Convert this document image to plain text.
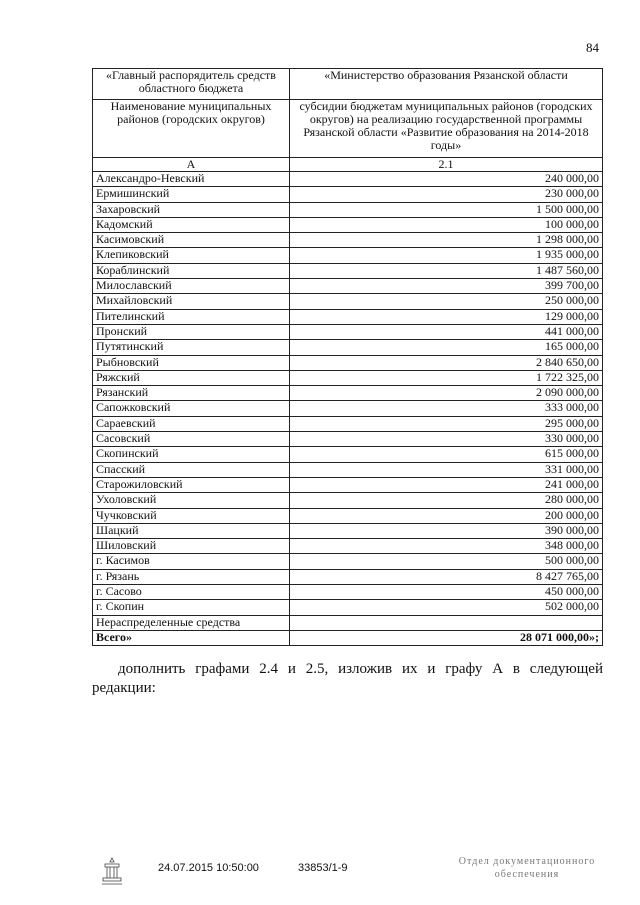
84
«Главный распорядитель средств областного бюджета	«Министерство образования Рязанской области
Наименование муниципальных районов (городских округов)	субсидии бюджетам муниципальных районов (городских округов) на реализацию государственной программы Рязанской области «Развитие образования на 2014-2018 годы»
А	2.1
Александро-Невский	240 000,00
Ермишинский	230 000,00
Захаровский	1 500 000,00
Кадомский	100 000,00
Касимовский	1 298 000,00
Клепиковский	1 935 000,00
Кораблинский	1 487 560,00
Милославский	399 700,00
Михайловский	250 000,00
Пителинский	129 000,00
Пронский	441 000,00
Путятинский	165 000,00
Рыбновский	2 840 650,00
Ряжский	1 722 325,00
Рязанский	2 090 000,00
Сапожковский	333 000,00
Сараевский	295 000,00
Сасовский	330 000,00
Скопинский	615 000,00
Спасский	331 000,00
Старожиловский	241 000,00
Ухоловский	280 000,00
Чучковский	200 000,00
Шацкий	390 000,00
Шиловский	348 000,00
г. Касимов	500 000,00
г. Рязань	8 427 765,00
г. Сасово	450 000,00
г. Скопин	502 000,00
Нераспределенные средства	
Всего»	28 071 000,00»;
дополнить графами 2.4 и 2.5, изложив их и графу А в следующей редакции:
24.07.2015 10:50:00	33853/1-9
Отдел документационного
обеспечения
